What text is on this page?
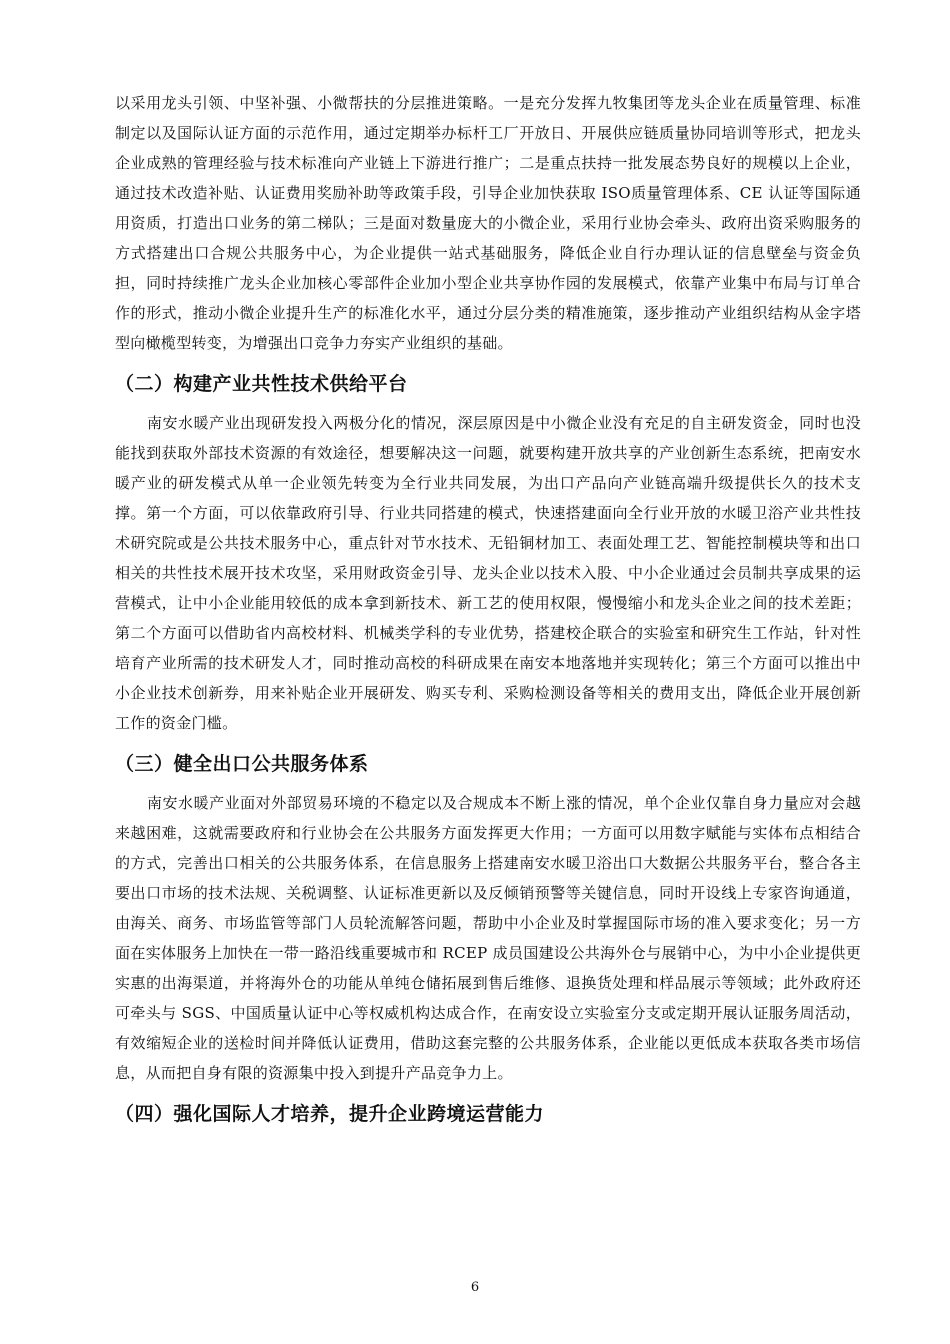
以采用龙头引领、中坚补强、小微帮扶的分层推进策略。一是充分发挥九牧集团等龙头企业在质量管理、标准制定以及国际认证方面的示范作用，通过定期举办标杆工厂开放日、开展供应链质量协同培训等形式，把龙头企业成熟的管理经验与技术标准向产业链上下游进行推广；二是重点扶持一批发展态势良好的规模以上企业，通过技术改造补贴、认证费用奖励补助等政策手段，引导企业加快获取 ISO质量管理体系、CE 认证等国际通用资质，打造出口业务的第二梯队；三是面对数量庞大的小微企业，采用行业协会牵头、政府出资采购服务的方式搭建出口合规公共服务中心，为企业提供一站式基础服务，降低企业自行办理认证的信息壁垒与资金负担，同时持续推广龙头企业加核心零部件企业加小型企业共享协作园的发展模式，依靠产业集中布局与订单合作的形式，推动小微企业提升生产的标准化水平，通过分层分类的精准施策，逐步推动产业组织结构从金字塔型向橄榄型转变，为增强出口竞争力夯实产业组织的基础。

（二）构建产业共性技术供给平台

南安水暖产业出现研发投入两极分化的情况，深层原因是中小微企业没有充足的自主研发资金，同时也没能找到获取外部技术资源的有效途径，想要解决这一问题，就要构建开放共享的产业创新生态系统，把南安水暖产业的研发模式从单一企业领先转变为全行业共同发展，为出口产品向产业链高端升级提供长久的技术支撑。第一个方面，可以依靠政府引导、行业共同搭建的模式，快速搭建面向全行业开放的水暖卫浴产业共性技术研究院或是公共技术服务中心，重点针对节水技术、无铅铜材加工、表面处理工艺、智能控制模块等和出口相关的共性技术展开技术攻坚，采用财政资金引导、龙头企业以技术入股、中小企业通过会员制共享成果的运营模式，让中小企业能用较低的成本拿到新技术、新工艺的使用权限，慢慢缩小和龙头企业之间的技术差距；第二个方面可以借助省内高校材料、机械类学科的专业优势，搭建校企联合的实验室和研究生工作站，针对性培育产业所需的技术研发人才，同时推动高校的科研成果在南安本地落地并实现转化；第三个方面可以推出中小企业技术创新券，用来补贴企业开展研发、购买专利、采购检测设备等相关的费用支出，降低企业开展创新工作的资金门槛。

（三）健全出口公共服务体系

南安水暖产业面对外部贸易环境的不稳定以及合规成本不断上涨的情况，单个企业仅靠自身力量应对会越来越困难，这就需要政府和行业协会在公共服务方面发挥更大作用；一方面可以用数字赋能与实体布点相结合的方式，完善出口相关的公共服务体系，在信息服务上搭建南安水暖卫浴出口大数据公共服务平台，整合各主要出口市场的技术法规、关税调整、认证标准更新以及反倾销预警等关键信息，同时开设线上专家咨询通道，由海关、商务、市场监管等部门人员轮流解答问题，帮助中小企业及时掌握国际市场的准入要求变化；另一方面在实体服务上加快在一带一路沿线重要城市和 RCEP 成员国建设公共海外仓与展销中心，为中小企业提供更实惠的出海渠道，并将海外仓的功能从单纯仓储拓展到售后维修、退换货处理和样品展示等领域；此外政府还可牵头与 SGS、中国质量认证中心等权威机构达成合作，在南安设立实验室分支或定期开展认证服务周活动，有效缩短企业的送检时间并降低认证费用，借助这套完整的公共服务体系，企业能以更低成本获取各类市场信息，从而把自身有限的资源集中投入到提升产品竞争力上。

（四）强化国际人才培养，提升企业跨境运营能力
6
